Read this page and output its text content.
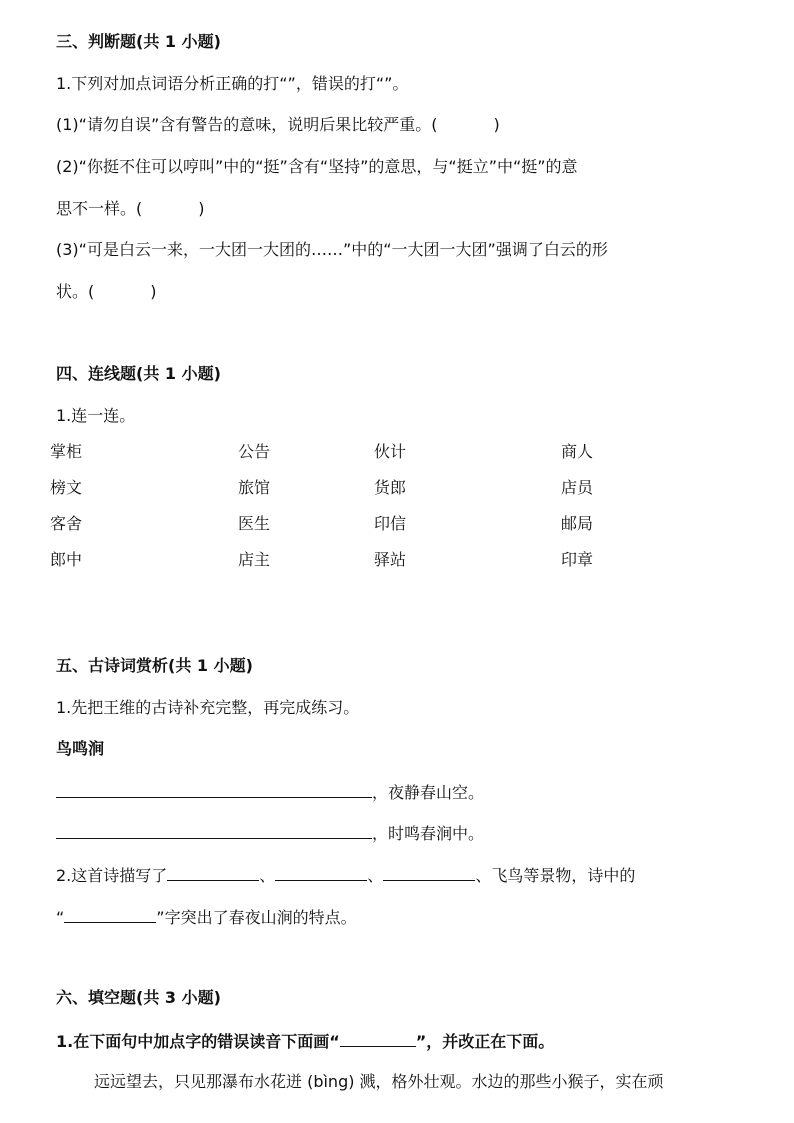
三、判断题(共 1 小题)
1.下列对加点词语分析正确的打“”，错误的打“”。
(1)“请勿自误”含有警告的意味，说明后果比较严重。(	)
(2)“你挺不住可以哼叫”中的“挺”含有“坚持”的意思，与“挺立”中“挺”的意
思不一样。(	)
(3)“可是白云一来，一大团一大团的……”中的“一大团一大团”强调了白云的形
状。(	)
四、连线题(共 1 小题)
1.连一连。
掌柜	公告	伙计	商人
榜文	旅馆	货郎	店员
客舍	医生	印信	邮局
郎中	店主	驿站	印章
五、古诗词赏析(共 1 小题)
1.先把王维的古诗补充完整，再完成练习。
鸟鸣涧
，夜静春山空。
，时鸣春涧中。
2.这首诗描写了	、	、	、飞鸟等景物，诗中的
“	”字突出了春夜山涧的特点。
六、填空题(共 3 小题)
1.在下面句中加点字的错误读音下面画“	”，并改正在下面。
远远望去，只见那瀑布水花迸 (bìng) 溅，格外壮观。水边的那些小猴子，实在顽
